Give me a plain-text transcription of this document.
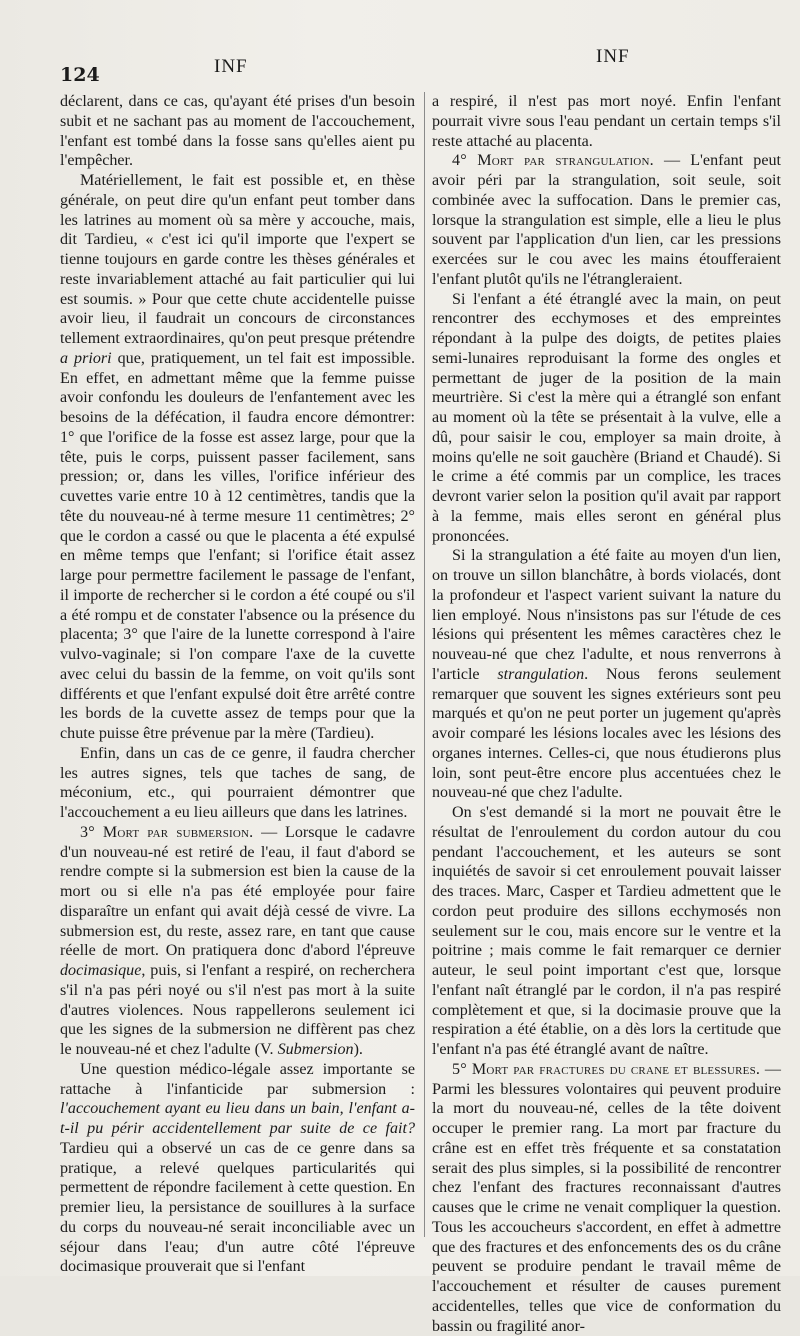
124	INF	INF

déclarent, dans ce cas, qu'ayant été prises d'un besoin subit et ne sachant pas au moment de l'accouchement, l'enfant est tombé dans la fosse sans qu'elles aient pu l'empêcher.

Matériellement, le fait est possible et, en thèse générale, on peut dire qu'un enfant peut tomber dans les latrines au moment où sa mère y accouche, mais, dit Tardieu, « c'est ici qu'il importe que l'expert se tienne toujours en garde contre les thèses générales et reste invariablement attaché au fait particulier qui lui est soumis. » Pour que cette chute accidentelle puisse avoir lieu, il faudrait un concours de circonstances tellement extraordinaires, qu'on peut presque prétendre a priori que, pratiquement, un tel fait est impossible. En effet, en admettant même que la femme puisse avoir confondu les douleurs de l'enfantement avec les besoins de la défécation, il faudra encore démontrer: 1° que l'orifice de la fosse est assez large, pour que la tête, puis le corps, puissent passer facilement, sans pression; or, dans les villes, l'orifice inférieur des cuvettes varie entre 10 à 12 centimètres, tandis que la tête du nouveau-né à terme mesure 11 centimètres; 2° que le cordon a cassé ou que le placenta a été expulsé en même temps que l'enfant; si l'orifice était assez large pour permettre facilement le passage de l'enfant, il importe de rechercher si le cordon a été coupé ou s'il a été rompu et de constater l'absence ou la présence du placenta; 3° que l'aire de la lunette correspond à l'aire vulvo-vaginale; si l'on compare l'axe de la cuvette avec celui du bassin de la femme, on voit qu'ils sont différents et que l'enfant expulsé doit être arrêté contre les bords de la cuvette assez de temps pour que la chute puisse être prévenue par la mère (Tardieu).

Enfin, dans un cas de ce genre, il faudra chercher les autres signes, tels que taches de sang, de méconium, etc., qui pourraient démontrer que l'accouchement a eu lieu ailleurs que dans les latrines.

3° Mort par submersion. — Lorsque le cadavre d'un nouveau-né est retiré de l'eau, il faut d'abord se rendre compte si la submersion est bien la cause de la mort ou si elle n'a pas été employée pour faire disparaître un enfant qui avait déjà cessé de vivre. La submersion est, du reste, assez rare, en tant que cause réelle de mort. On pratiquera donc d'abord l'épreuve docimasique, puis, si l'enfant a respiré, on recherchera s'il n'a pas péri noyé ou s'il n'est pas mort à la suite d'autres violences. Nous rappellerons seulement ici que les signes de la submersion ne diffèrent pas chez le nouveau-né et chez l'adulte (V. Submersion).

Une question médico-légale assez importante se rattache à l'infanticide par submersion : l'accouchement ayant eu lieu dans un bain, l'enfant a-t-il pu périr accidentellement par suite de ce fait? Tardieu qui a observé un cas de ce genre dans sa pratique, a relevé quelques particularités qui permettent de répondre facilement à cette question. En premier lieu, la persistance de souillures à la surface du corps du nouveau-né serait inconciliable avec un séjour dans l'eau; d'un autre côté l'épreuve docimasique prouverait que si l'enfant

a respiré, il n'est pas mort noyé. Enfin l'enfant pourrait vivre sous l'eau pendant un certain temps s'il reste attaché au placenta.

4° Mort par strangulation. — L'enfant peut avoir péri par la strangulation, soit seule, soit combinée avec la suffocation. Dans le premier cas, lorsque la strangulation est simple, elle a lieu le plus souvent par l'application d'un lien, car les pressions exercées sur le cou avec les mains étoufferaient l'enfant plutôt qu'ils ne l'étrangleraient.

Si l'enfant a été étranglé avec la main, on peut rencontrer des ecchymoses et des empreintes répondant à la pulpe des doigts, de petites plaies semi-lunaires reproduisant la forme des ongles et permettant de juger de la position de la main meurtrière. Si c'est la mère qui a étranglé son enfant au moment où la tête se présentait à la vulve, elle a dû, pour saisir le cou, employer sa main droite, à moins qu'elle ne soit gauchère (Briand et Chaudé). Si le crime a été commis par un complice, les traces devront varier selon la position qu'il avait par rapport à la femme, mais elles seront en général plus prononcées.

Si la strangulation a été faite au moyen d'un lien, on trouve un sillon blanchâtre, à bords violacés, dont la profondeur et l'aspect varient suivant la nature du lien employé. Nous n'insistons pas sur l'étude de ces lésions qui présentent les mêmes caractères chez le nouveau-né que chez l'adulte, et nous renverrons à l'article strangulation. Nous ferons seulement remarquer que souvent les signes extérieurs sont peu marqués et qu'on ne peut porter un jugement qu'après avoir comparé les lésions locales avec les lésions des organes internes. Celles-ci, que nous étudierons plus loin, sont peut-être encore plus accentuées chez le nouveau-né que chez l'adulte.

On s'est demandé si la mort ne pouvait être le résultat de l'enroulement du cordon autour du cou pendant l'accouchement, et les auteurs se sont inquiétés de savoir si cet enroulement pouvait laisser des traces. Marc, Casper et Tardieu admettent que le cordon peut produire des sillons ecchymosés non seulement sur le cou, mais encore sur le ventre et la poitrine ; mais comme le fait remarquer ce dernier auteur, le seul point important c'est que, lorsque l'enfant naît étranglé par le cordon, il n'a pas respiré complètement et que, si la docimasie prouve que la respiration a été établie, on a dès lors la certitude que l'enfant n'a pas été étranglé avant de naître.

5° Mort par fractures du crane et blessures. — Parmi les blessures volontaires qui peuvent produire la mort du nouveau-né, celles de la tête doivent occuper le premier rang. La mort par fracture du crâne est en effet très fréquente et sa constatation serait des plus simples, si la possibilité de rencontrer chez l'enfant des fractures reconnaissant d'autres causes que le crime ne venait compliquer la question. Tous les accoucheurs s'accordent, en effet à admettre que des fractures et des enfoncements des os du crâne peuvent se produire pendant le travail même de l'accouchement et résulter de causes purement accidentelles, telles que vice de conformation du bassin ou fragilité anor-
